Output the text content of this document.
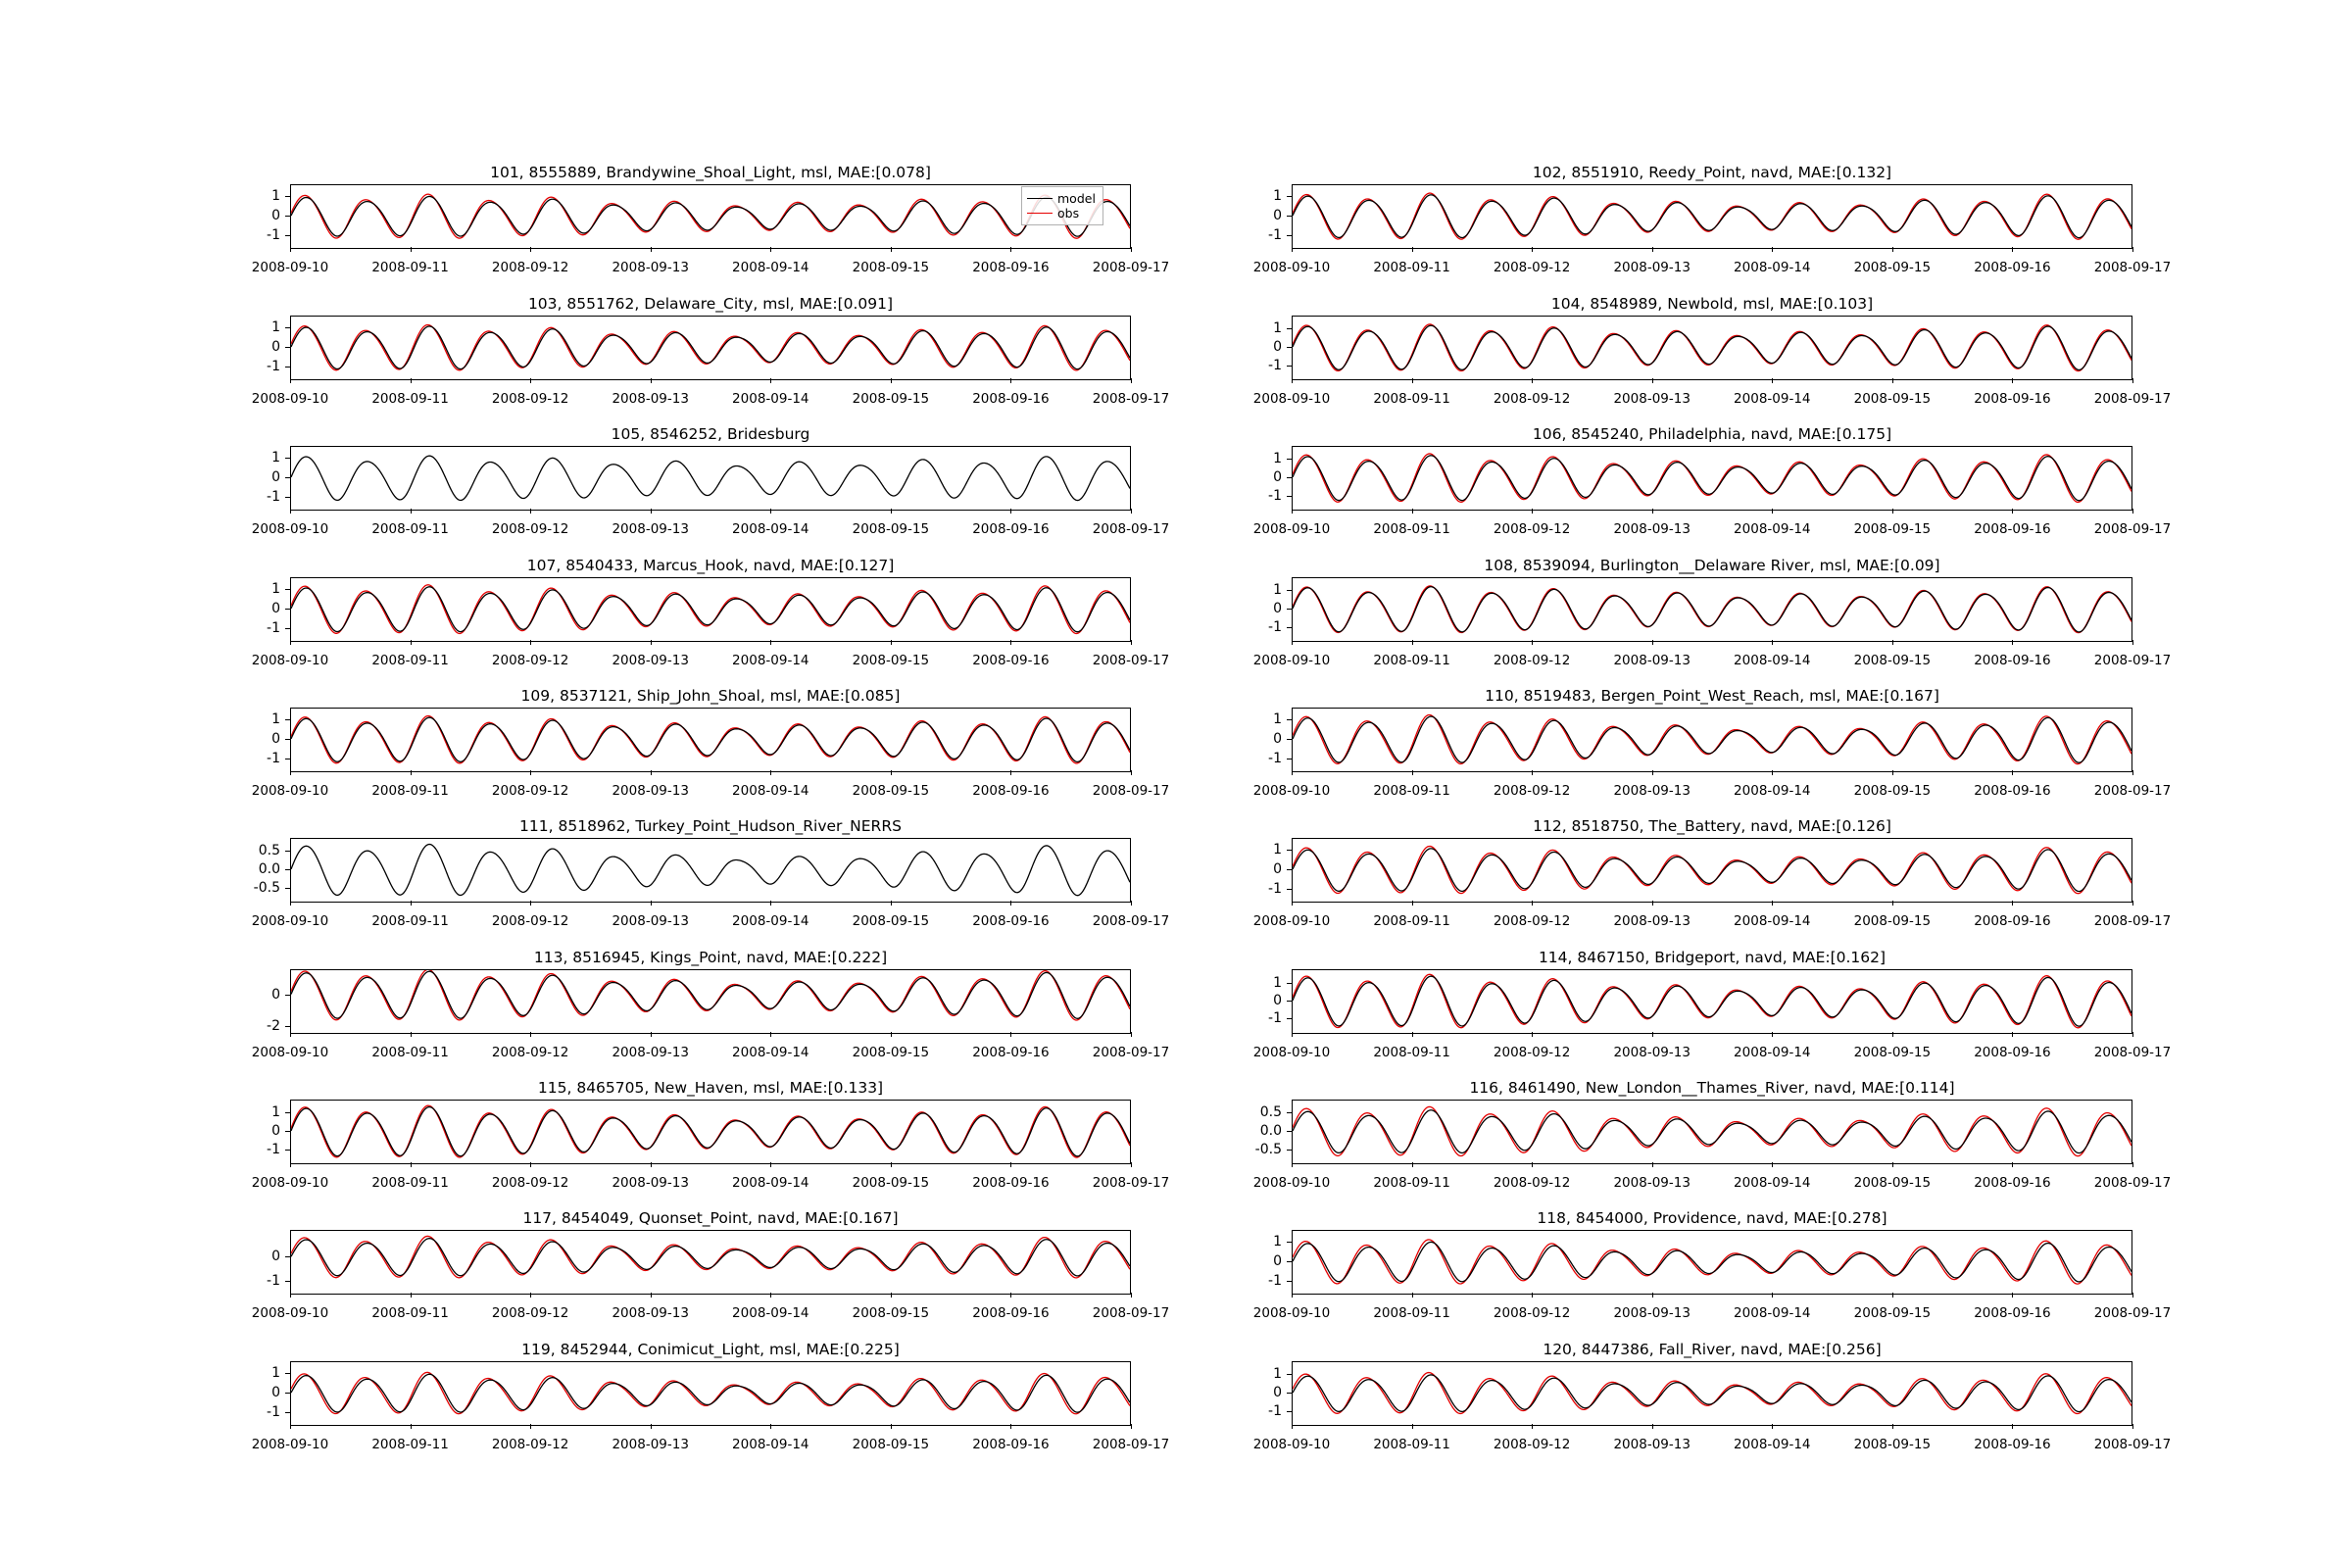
101, 8555889, Brandywine_Shoal_Light, msl, MAE:[0.078]
-1
0
1
2008-09-10	2008-09-11	2008-09-12	2008-09-13	2008-09-14	2008-09-15	2008-09-16	2008-09-17
model
obs
102, 8551910, Reedy_Point, navd, MAE:[0.132]
-1
0
1
2008-09-10	2008-09-11	2008-09-12	2008-09-13	2008-09-14	2008-09-15	2008-09-16	2008-09-17
103, 8551762, Delaware_City, msl, MAE:[0.091]
-1
0
1
2008-09-10	2008-09-11	2008-09-12	2008-09-13	2008-09-14	2008-09-15	2008-09-16	2008-09-17
104, 8548989, Newbold, msl, MAE:[0.103]
-1
0
1
2008-09-10	2008-09-11	2008-09-12	2008-09-13	2008-09-14	2008-09-15	2008-09-16	2008-09-17
105, 8546252, Bridesburg
-1
0
1
2008-09-10	2008-09-11	2008-09-12	2008-09-13	2008-09-14	2008-09-15	2008-09-16	2008-09-17
106, 8545240, Philadelphia, navd, MAE:[0.175]
-1
0
1
2008-09-10	2008-09-11	2008-09-12	2008-09-13	2008-09-14	2008-09-15	2008-09-16	2008-09-17
107, 8540433, Marcus_Hook, navd, MAE:[0.127]
-1
0
1
2008-09-10	2008-09-11	2008-09-12	2008-09-13	2008-09-14	2008-09-15	2008-09-16	2008-09-17
108, 8539094, Burlington__Delaware River, msl, MAE:[0.09]
-1
0
1
2008-09-10	2008-09-11	2008-09-12	2008-09-13	2008-09-14	2008-09-15	2008-09-16	2008-09-17
109, 8537121, Ship_John_Shoal, msl, MAE:[0.085]
-1
0
1
2008-09-10	2008-09-11	2008-09-12	2008-09-13	2008-09-14	2008-09-15	2008-09-16	2008-09-17
110, 8519483, Bergen_Point_West_Reach, msl, MAE:[0.167]
-1
0
1
2008-09-10	2008-09-11	2008-09-12	2008-09-13	2008-09-14	2008-09-15	2008-09-16	2008-09-17
111, 8518962, Turkey_Point_Hudson_River_NERRS
-0.5
0.0
0.5
2008-09-10	2008-09-11	2008-09-12	2008-09-13	2008-09-14	2008-09-15	2008-09-16	2008-09-17
112, 8518750, The_Battery, navd, MAE:[0.126]
-1
0
1
2008-09-10	2008-09-11	2008-09-12	2008-09-13	2008-09-14	2008-09-15	2008-09-16	2008-09-17
113, 8516945, Kings_Point, navd, MAE:[0.222]
-2
0
2008-09-10	2008-09-11	2008-09-12	2008-09-13	2008-09-14	2008-09-15	2008-09-16	2008-09-17
114, 8467150, Bridgeport, navd, MAE:[0.162]
-1
0
1
2008-09-10	2008-09-11	2008-09-12	2008-09-13	2008-09-14	2008-09-15	2008-09-16	2008-09-17
115, 8465705, New_Haven, msl, MAE:[0.133]
-1
0
1
2008-09-10	2008-09-11	2008-09-12	2008-09-13	2008-09-14	2008-09-15	2008-09-16	2008-09-17
116, 8461490, New_London__Thames_River, navd, MAE:[0.114]
-0.5
0.0
0.5
2008-09-10	2008-09-11	2008-09-12	2008-09-13	2008-09-14	2008-09-15	2008-09-16	2008-09-17
117, 8454049, Quonset_Point, navd, MAE:[0.167]
-1
0
2008-09-10	2008-09-11	2008-09-12	2008-09-13	2008-09-14	2008-09-15	2008-09-16	2008-09-17
118, 8454000, Providence, navd, MAE:[0.278]
-1
0
1
2008-09-10	2008-09-11	2008-09-12	2008-09-13	2008-09-14	2008-09-15	2008-09-16	2008-09-17
119, 8452944, Conimicut_Light, msl, MAE:[0.225]
-1
0
1
2008-09-10	2008-09-11	2008-09-12	2008-09-13	2008-09-14	2008-09-15	2008-09-16	2008-09-17
120, 8447386, Fall_River, navd, MAE:[0.256]
-1
0
1
2008-09-10	2008-09-11	2008-09-12	2008-09-13	2008-09-14	2008-09-15	2008-09-16	2008-09-17
